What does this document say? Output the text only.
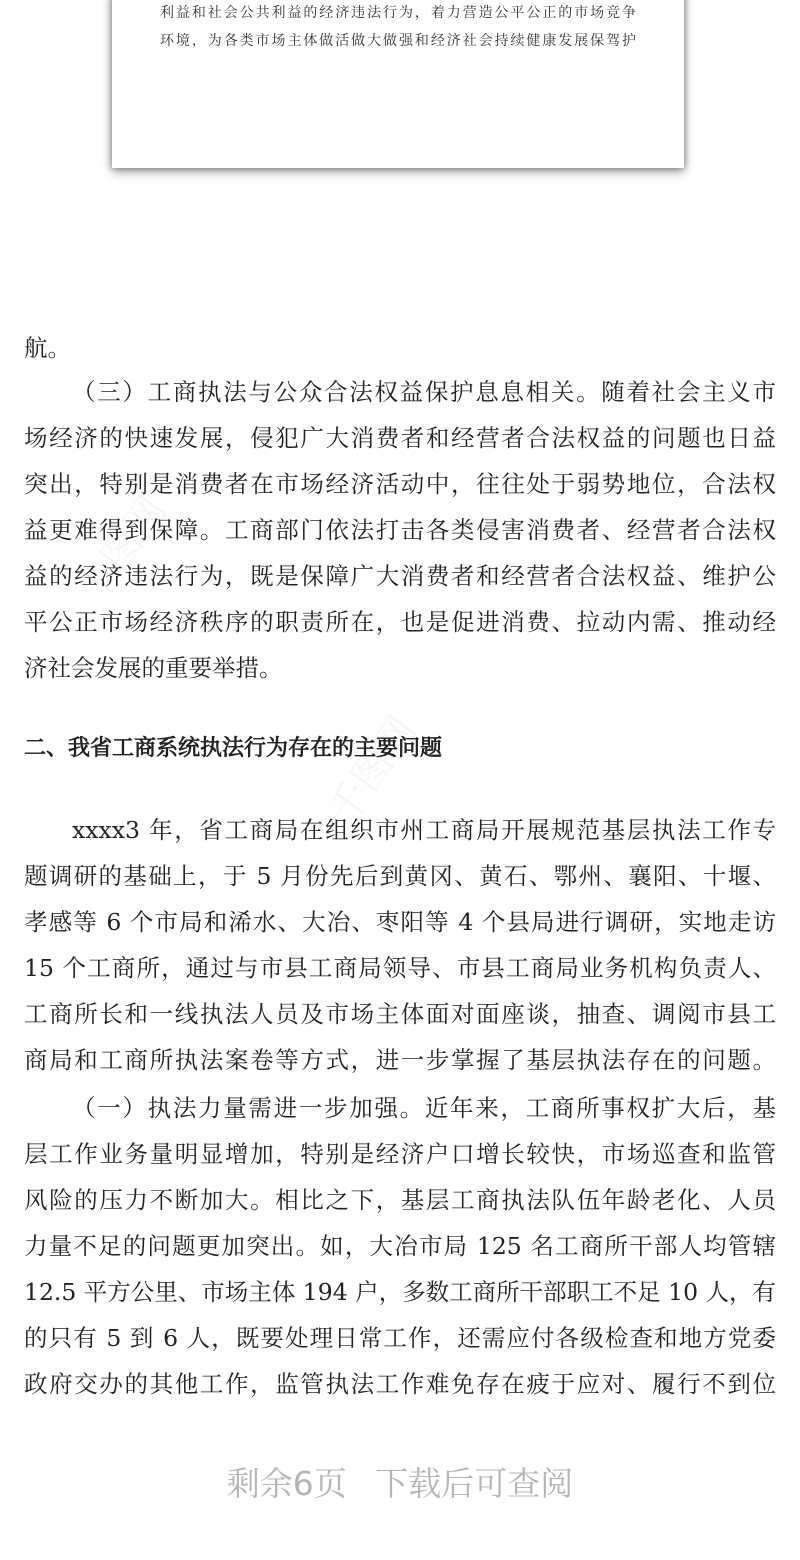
利益和社会公共利益的经济违法行为，着力营造公平公正的市场竞争
环境，为各类市场主体做活做大做强和经济社会持续健康发展保驾护
航。
（三）工商执法与公众合法权益保护息息相关。随着社会主义市
场经济的快速发展，侵犯广大消费者和经营者合法权益的问题也日益
突出，特别是消费者在市场经济活动中，往往处于弱势地位，合法权
益更难得到保障。工商部门依法打击各类侵害消费者、经营者合法权
益的经济违法行为，既是保障广大消费者和经营者合法权益、维护公
平公正市场经济秩序的职责所在，也是促进消费、拉动内需、推动经
济社会发展的重要举措。
二、我省工商系统执法行为存在的主要问题
xxxx3 年，省工商局在组织市州工商局开展规范基层执法工作专
题调研的基础上，于 5 月份先后到黄冈、黄石、鄂州、襄阳、十堰、
孝感等 6 个市局和浠水、大冶、枣阳等 4 个县局进行调研，实地走访
15 个工商所，通过与市县工商局领导、市县工商局业务机构负责人、
工商所长和一线执法人员及市场主体面对面座谈，抽查、调阅市县工
商局和工商所执法案卷等方式，进一步掌握了基层执法存在的问题。
（一）执法力量需进一步加强。近年来，工商所事权扩大后，基
层工作业务量明显增加，特别是经济户口增长较快，市场巡查和监管
风险的压力不断加大。相比之下，基层工商执法队伍年龄老化、人员
力量不足的问题更加突出。如，大冶市局 125 名工商所干部人均管辖
12.5 平方公里、市场主体 194 户，多数工商所干部职工不足 10 人，有
的只有 5 到 6 人，既要处理日常工作，还需应付各级检查和地方党委
政府交办的其他工作，监管执法工作难免存在疲于应对、履行不到位
剩余6页 下载后可查阅
